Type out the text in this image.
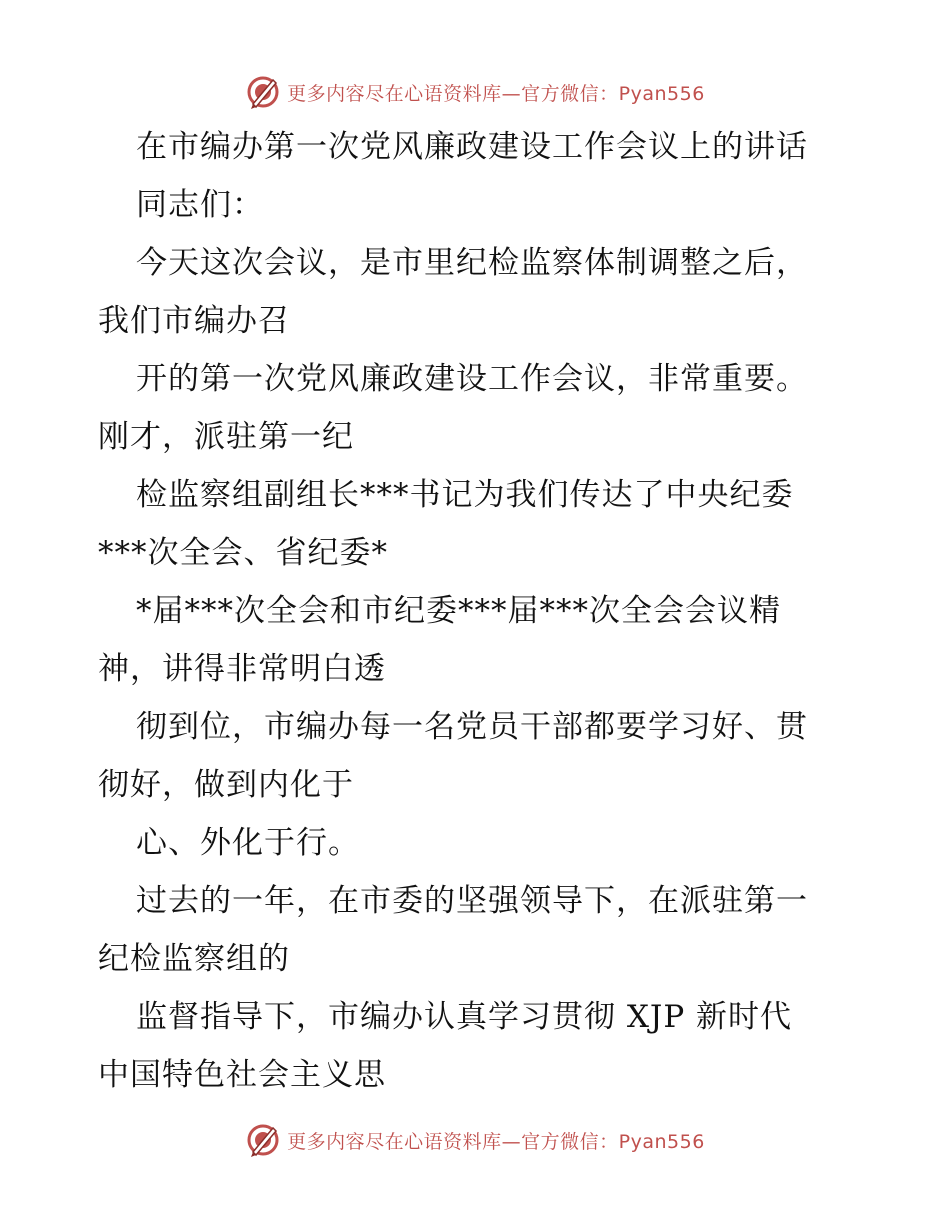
更多内容尽在心语资料库—官方微信：Pyan556
在市编办第一次党风廉政建设工作会议上的讲话
同志们：
今天这次会议，是市里纪检监察体制调整之后，
我们市编办召
开的第一次党风廉政建设工作会议，非常重要。
刚才，派驻第一纪
检监察组副组长***书记为我们传达了中央纪委
***次全会、省纪委*
*届***次全会和市纪委***届***次全会会议精
神，讲得非常明白透
彻到位，市编办每一名党员干部都要学习好、贯
彻好，做到内化于
心、外化于行。
过去的一年，在市委的坚强领导下，在派驻第一
纪检监察组的
监督指导下，市编办认真学习贯彻 XJP 新时代
中国特色社会主义思
更多内容尽在心语资料库—官方微信：Pyan556
